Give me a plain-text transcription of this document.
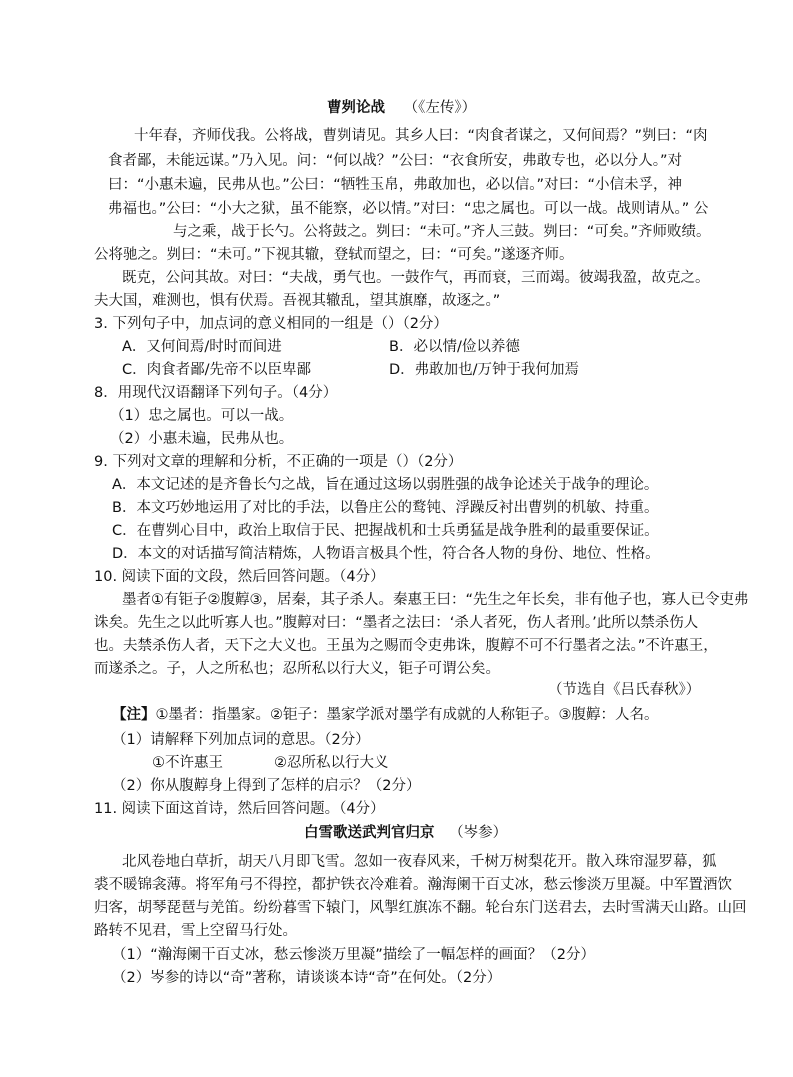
曹刿论战 （《左传》）
十年春，齐师伐我。公将战，曹刿请见。其乡人曰：“肉食者谋之，又何间焉？”刿曰：“肉
食者鄙，未能远谋。”乃入见。问：“何以战？”公曰：“衣食所安，弗敢专也，必以分人。”对
曰：“小惠未遍，民弗从也。”公曰：“牺牲玉帛，弗敢加也，必以信。”对曰：“小信未孚，神
弗福也。”公曰：“小大之狱，虽不能察，必以情。”对曰：“忠之属也。可以一战。战则请从。” 公
与之乘，战于长勺。公将鼓之。刿曰：“未可。”齐人三鼓。刿曰：“可矣。”齐师败绩。
公将驰之。刿曰：“未可。”下视其辙，登轼而望之，曰：“可矣。”遂逐齐师。
既克，公问其故。对曰：“夫战，勇气也。一鼓作气，再而衰，三而竭。彼竭我盈，故克之。
夫大国，难测也，惧有伏焉。吾视其辙乱，望其旗靡，故逐之。”
3. 下列句子中，加点词的意义相同的一组是（）（2分）
A．又何间焉/时时而间进	B．必以情/俭以养德
C．肉食者鄙/先帝不以臣卑鄙	D．弗敢加也/万钟于我何加焉
8．用现代汉语翻译下列句子。（4分）
（1）忠之属也。可以一战。
（2）小惠未遍，民弗从也。
9. 下列对文章的理解和分析，不正确的一项是（）（2分）
A．本文记述的是齐鲁长勺之战，旨在通过这场以弱胜强的战争论述关于战争的理论。
B．本文巧妙地运用了对比的手法，以鲁庄公的鹜钝、浮躁反衬出曹刿的机敏、持重。
C．在曹刿心目中，政治上取信于民、把握战机和士兵勇猛是战争胜利的最重要保证。
D．本文的对话描写简洁精炼，人物语言极具个性，符合各人物的身份、地位、性格。
10. 阅读下面的文段，然后回答问题。（4分）
墨者①有钜子②腹䵍③，居秦，其子杀人。秦惠王曰：“先生之年长矣，非有他子也，寡人已令吏弗
诛矣。先生之以此听寡人也。”腹䵍对曰：“墨者之法曰：‘杀人者死，伤人者刑。’此所以禁杀伤人
也。夫禁杀伤人者，天下之大义也。王虽为之赐而令吏弗诛，腹䵍不可不行墨者之法。”不许惠王，
而遂杀之。子，人之所私也；忍所私以行大义，钜子可谓公矣。
（节选自《吕氏春秋》）
【注】①墨者：指墨家。②钜子：墨家学派对墨学有成就的人称钜子。③腹䵍：人名。
（1）请解释下列加点词的意思。（2分）
①不许惠王	②忍所私以行大义
（2）你从腹䵍身上得到了怎样的启示？（2分）
11. 阅读下面这首诗，然后回答问题。（4分）
白雪歌送武判官归京 （岑参）
北风卷地白草折，胡天八月即飞雪。忽如一夜春风来，千树万树梨花开。散入珠帘湿罗幕，狐
裘不暖锦衾薄。将军角弓不得控，都护铁衣冷难着。瀚海阑干百丈冰，愁云惨淡万里凝。中军置酒饮
归客，胡琴琵琶与羌笛。纷纷暮雪下辕门，风掣红旗冻不翻。轮台东门送君去，去时雪满天山路。山回
路转不见君，雪上空留马行处。
（1）“瀚海阑干百丈冰，愁云惨淡万里凝”描绘了一幅怎样的画面？（2分）
（2）岑参的诗以“奇”著称，请谈谈本诗“奇”在何处。（2分）
